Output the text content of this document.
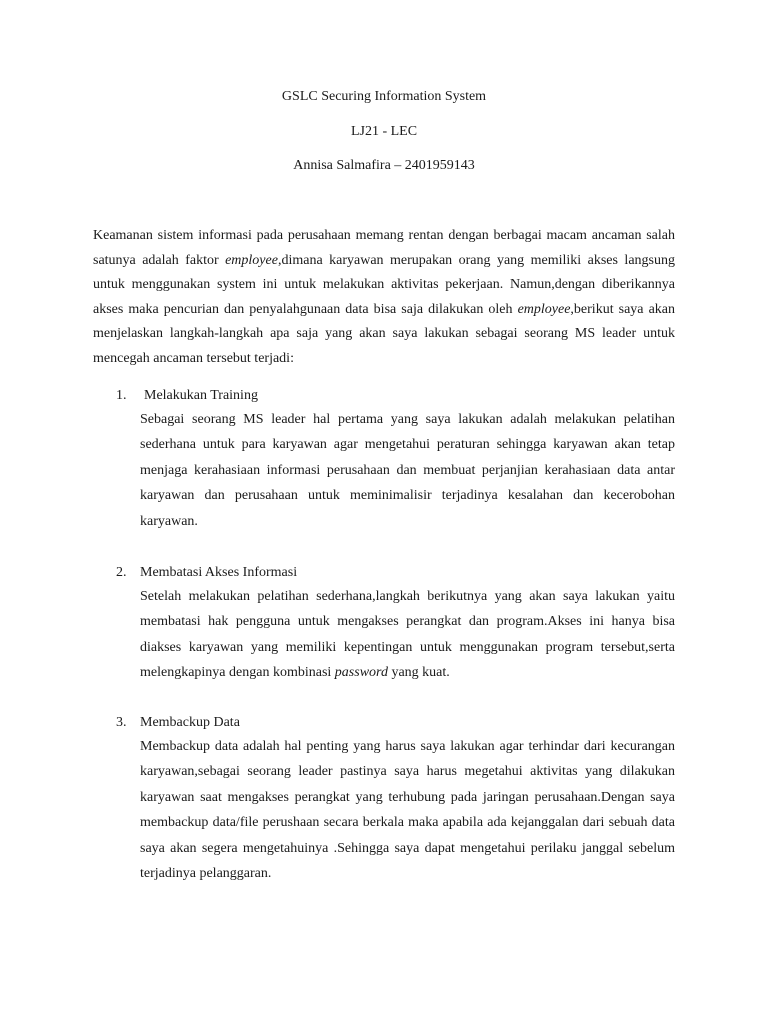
GSLC Securing Information System
LJ21 - LEC
Annisa Salmafira – 2401959143

Keamanan sistem informasi pada perusahaan memang rentan dengan berbagai macam ancaman salah satunya adalah faktor employee,dimana karyawan merupakan orang yang memiliki akses langsung untuk menggunakan system ini untuk melakukan aktivitas pekerjaan. Namun,dengan diberikannya akses maka pencurian dan penyalahgunaan data bisa saja dilakukan oleh employee,berikut saya akan menjelaskan langkah-langkah apa saja yang akan saya lakukan sebagai seorang MS leader untuk mencegah ancaman tersebut terjadi:

1. Melakukan Training

Sebagai seorang MS leader hal pertama yang saya lakukan adalah melakukan pelatihan sederhana untuk para karyawan agar mengetahui peraturan sehingga karyawan akan tetap menjaga kerahasiaan informasi perusahaan dan membuat perjanjian kerahasiaan data antar karyawan dan perusahaan untuk meminimalisir terjadinya kesalahan dan kecerobohan karyawan.

2. Membatasi Akses Informasi

Setelah melakukan pelatihan sederhana,langkah berikutnya yang akan saya lakukan yaitu membatasi hak pengguna untuk mengakses perangkat dan program.Akses ini hanya bisa diakses karyawan yang memiliki kepentingan untuk menggunakan program tersebut,serta melengkapinya dengan kombinasi password yang kuat.

3. Membackup Data

Membackup data adalah hal penting yang harus saya lakukan agar terhindar dari kecurangan karyawan,sebagai seorang leader pastinya saya harus megetahui aktivitas yang dilakukan karyawan saat mengakses perangkat yang terhubung pada jaringan perusahaan.Dengan saya membackup data/file perushaan secara berkala maka apabila ada kejanggalan dari sebuah data saya akan segera mengetahuinya .Sehingga saya dapat mengetahui perilaku janggal sebelum terjadinya pelanggaran.
